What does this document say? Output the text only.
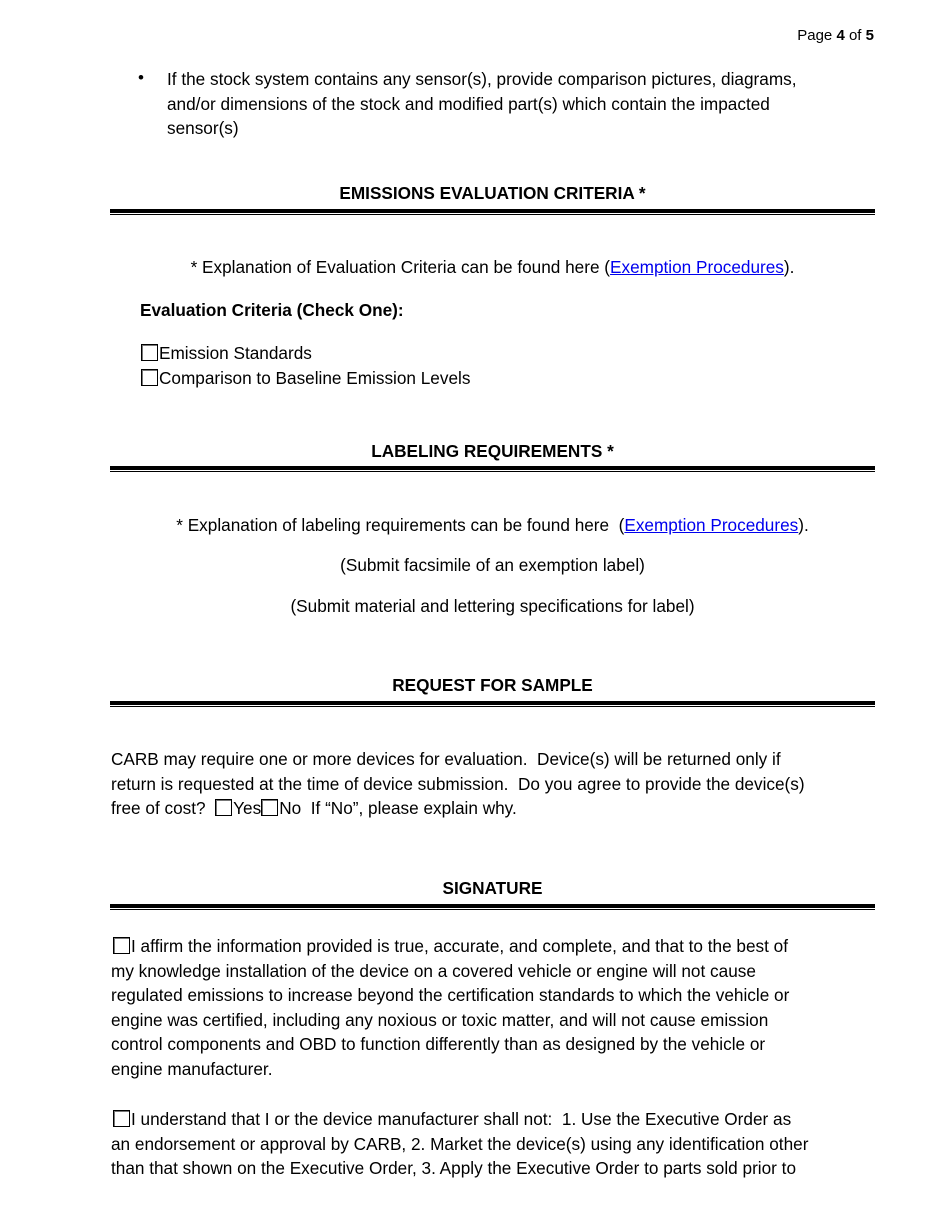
Page 4 of 5
• If the stock system contains any sensor(s), provide comparison pictures, diagrams,
and/or dimensions of the stock and modified part(s) which contain the impacted
sensor(s)
EMISSIONS EVALUATION CRITERIA *
* Explanation of Evaluation Criteria can be found here (Exemption Procedures).
Evaluation Criteria (Check One):
Emission Standards
Comparison to Baseline Emission Levels
LABELING REQUIREMENTS *
* Explanation of labeling requirements can be found here  (Exemption Procedures).
(Submit facsimile of an exemption label)
(Submit material and lettering specifications for label)
REQUEST FOR SAMPLE
CARB may require one or more devices for evaluation.  Device(s) will be returned only if
return is requested at the time of device submission.  Do you agree to provide the device(s)
free of cost? Yes No If “No”, please explain why.
SIGNATURE
I affirm the information provided is true, accurate, and complete, and that to the best of
my knowledge installation of the device on a covered vehicle or engine will not cause
regulated emissions to increase beyond the certification standards to which the vehicle or
engine was certified, including any noxious or toxic matter, and will not cause emission
control components and OBD to function differently than as designed by the vehicle or
engine manufacturer.
I understand that I or the device manufacturer shall not:  1. Use the Executive Order as
an endorsement or approval by CARB, 2. Market the device(s) using any identification other
than that shown on the Executive Order, 3. Apply the Executive Order to parts sold prior to
